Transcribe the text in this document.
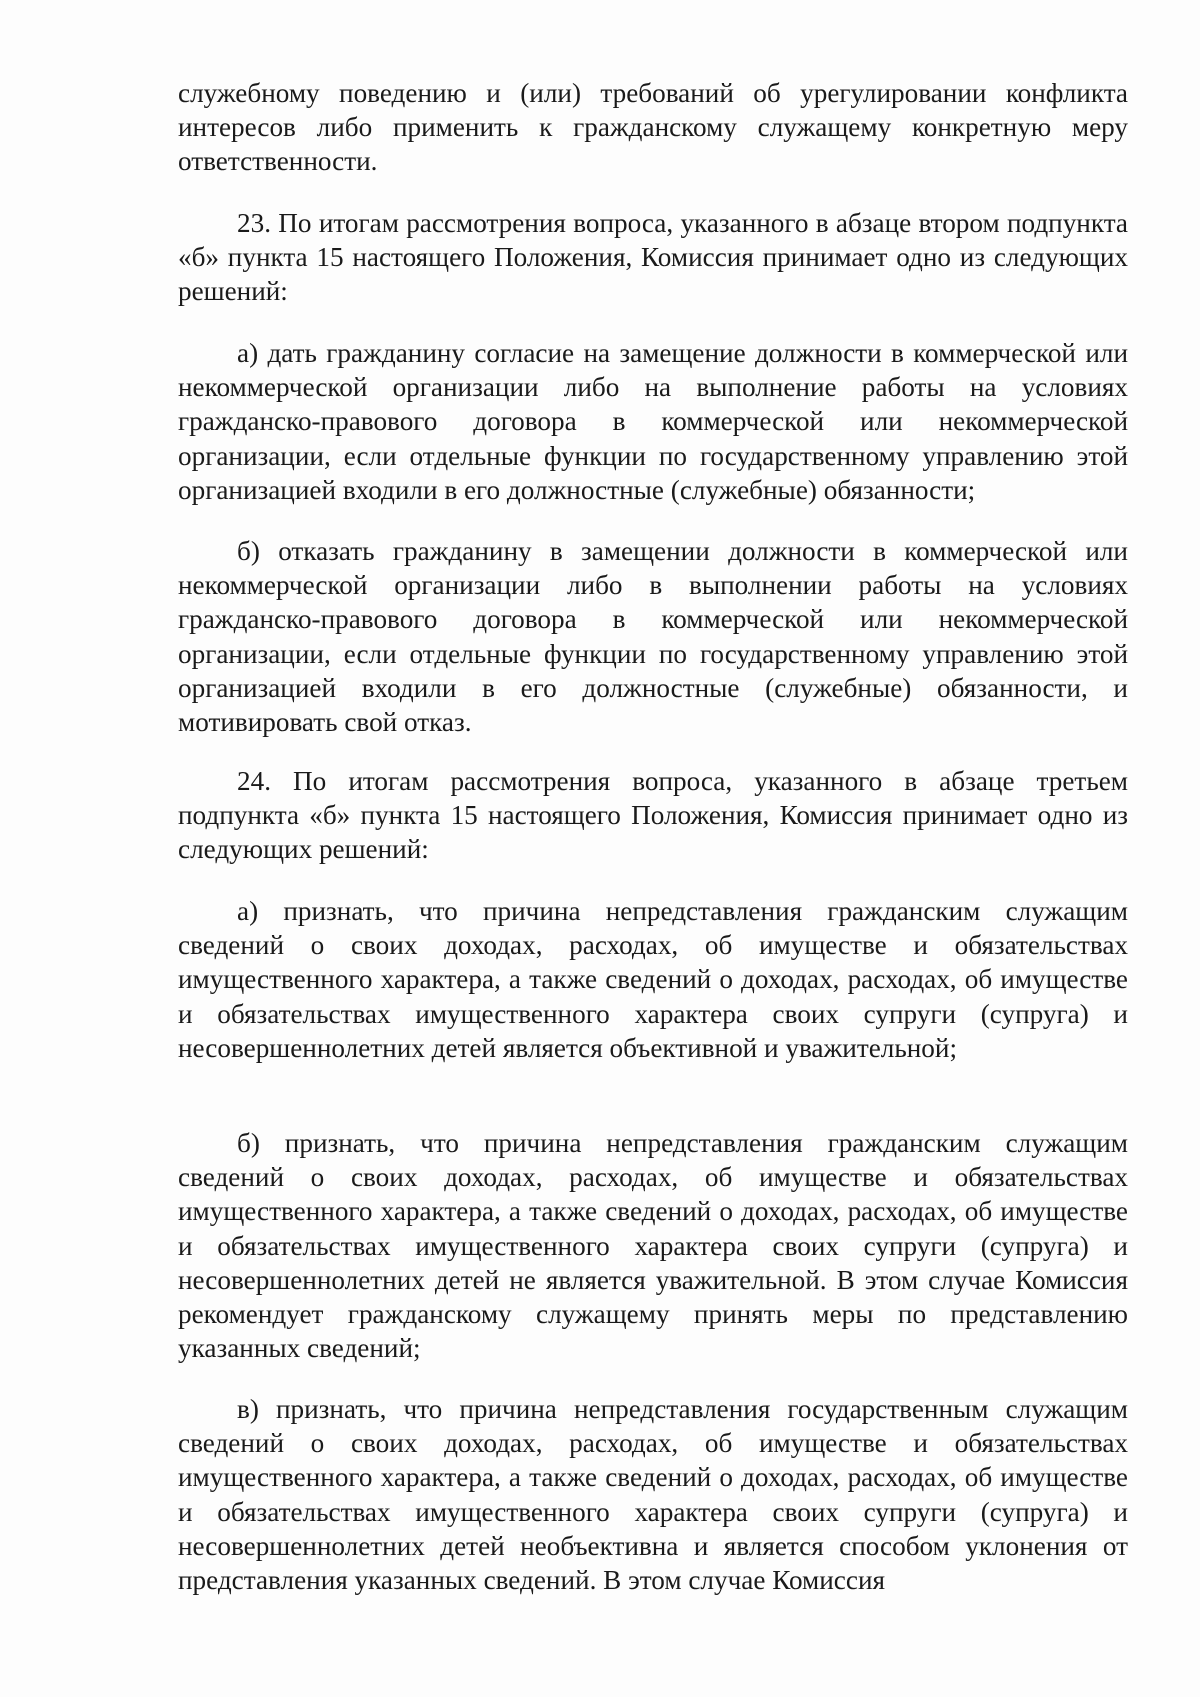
служебному поведению и (или) требований об урегулировании конфликта интересов либо применить к гражданскому служащему конкретную меру ответственности.

23. По итогам рассмотрения вопроса, указанного в абзаце втором подпункта «б» пункта 15 настоящего Положения, Комиссия принимает одно из следующих решений:

а) дать гражданину согласие на замещение должности в коммерческой или некоммерческой организации либо на выполнение работы на условиях гражданско-правового договора в коммерческой или некоммерческой организации, если отдельные функции по государственному управлению этой организацией входили в его должностные (служебные) обязанности;

б) отказать гражданину в замещении должности в коммерческой или некоммерческой организации либо в выполнении работы на условиях гражданско-правового договора в коммерческой или некоммерческой организации, если отдельные функции по государственному управлению этой организацией входили в его должностные (служебные) обязанности, и мотивировать свой отказ.

24. По итогам рассмотрения вопроса, указанного в абзаце третьем подпункта «б» пункта 15 настоящего Положения, Комиссия принимает одно из следующих решений:

а) признать, что причина непредставления гражданским служащим сведений о своих доходах, расходах, об имуществе и обязательствах имущественного характера, а также сведений о доходах, расходах, об имуществе и обязательствах имущественного характера своих супруги (супруга) и несовершеннолетних детей является объективной и уважительной;

б) признать, что причина непредставления гражданским служащим сведений о своих доходах, расходах, об имуществе и обязательствах имущественного характера, а также сведений о доходах, расходах, об имуществе и обязательствах имущественного характера своих супруги (супруга) и несовершеннолетних детей не является уважительной. В этом случае Комиссия рекомендует гражданскому служащему принять меры по представлению указанных сведений;

в) признать, что причина непредставления государственным служащим сведений о своих доходах, расходах, об имуществе и обязательствах имущественного характера, а также сведений о доходах, расходах, об имуществе и обязательствах имущественного характера своих супруги (супруга) и несовершеннолетних детей необъективна и является способом уклонения от представления указанных сведений. В этом случае Комиссия
